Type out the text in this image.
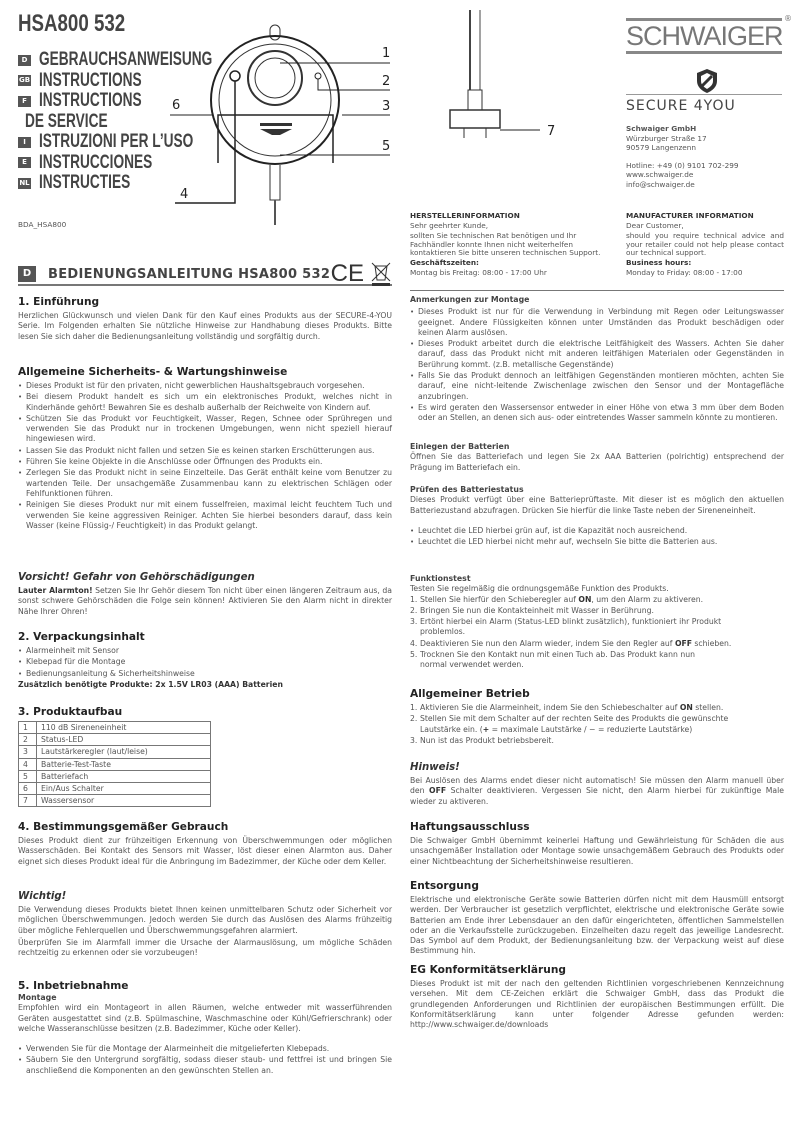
HSA800 532
D GEBRAUCHSANWEISUNG
GB INSTRUCTIONS
F INSTRUCTIONS
DE SERVICE
I ISTRUZIONI PER L’USO
E INSTRUCCIONES
NL INSTRUCTIES
BDA_HSA800
1
2
3
4
5
6
7
SCHWAIGER
®
SECURE 4YOU
Schwaiger GmbH
Würzburger Straße 17
90579 Langenzenn
Hotline: +49 (0) 9101 702-299
www.schwaiger.de
info@schwaiger.de
HERSTELLERINFORMATION
Sehr geehrter Kunde,
sollten Sie technischen Rat benötigen und Ihr Fachhändler konnte Ihnen nicht weiterhelfen kontaktieren Sie bitte unseren technischen Support.
Geschäftszeiten:
Montag bis Freitag: 08:00 - 17:00 Uhr
MANUFACTURER INFORMATION
Dear Customer,
should you require technical advice and your retailer could not help please contact our technical support.
Business hours:
Monday to Friday: 08:00 - 17:00
D	BEDIENUNGSANLEITUNG HSA800 532 CE
1. Einführung
Herzlichen Glückwunsch und vielen Dank für den Kauf eines Produkts aus der SECURE-4-YOU Serie. Im Folgenden erhalten Sie nützliche Hinweise zur Handhabung dieses Produkts. Bitte lesen Sie sich daher die Bedienungsanleitung vollständig und sorgfältig durch.
Allgemeine Sicherheits- & Wartungshinweise
• Dieses Produkt ist für den privaten, nicht gewerblichen Haushaltsgebrauch vorgesehen.
• Bei diesem Produkt handelt es sich um ein elektronisches Produkt, welches nicht in Kinderhände gehört! Bewahren Sie es deshalb außerhalb der Reichweite von Kindern auf.
• Schützen Sie das Produkt vor Feuchtigkeit, Wasser, Regen, Schnee oder Sprühregen und verwenden Sie das Produkt nur in trockenen Umgebungen, wenn nicht speziell hierauf hingewiesen wird.
• Lassen Sie das Produkt nicht fallen und setzen Sie es keinen starken Erschütterungen aus.
• Führen Sie keine Objekte in die Anschlüsse oder Öffnungen des Produkts ein.
• Zerlegen Sie das Produkt nicht in seine Einzelteile. Das Gerät enthält keine vom Benutzer zu wartenden Teile. Der unsachgemäße Zusammenbau kann zu elektrischen Schlägen oder Fehlfunktionen führen.
• Reinigen Sie dieses Produkt nur mit einem fusselfreien, maximal leicht feuchtem Tuch und verwenden Sie keine aggressiven Reiniger. Achten Sie hierbei besonders darauf, dass kein Wasser (keine Flüssig-/ Feuchtigkeit) in das Produkt gelangt.
Vorsicht! Gefahr von Gehörschädigungen
Lauter Alarmton! Setzen Sie Ihr Gehör diesem Ton nicht über einen längeren Zeitraum aus, da sonst schwere Gehörschäden die Folge sein können! Aktivieren Sie den Alarm nicht in direkter Nähe Ihrer Ohren!
2. Verpackungsinhalt
• Alarmeinheit mit Sensor
• Klebepad für die Montage
• Bedienungsanleitung & Sicherheitshinweise
Zusätzlich benötigte Produkte: 2x 1.5V LR03 (AAA) Batterien
3. Produktaufbau
1	110 dB Sireneneinheit
2	Status-LED
3	Lautstärkeregler (laut/leise)
4	Batterie-Test-Taste
5	Batteriefach
6	Ein/Aus Schalter
7	Wassersensor
4. Bestimmungsgemäßer Gebrauch
Dieses Produkt dient zur frühzeitigen Erkennung von Überschwemmungen oder möglichen Wasserschäden. Bei Kontakt des Sensors mit Wasser, löst dieser einen Alarmton aus. Daher eignet sich dieses Produkt ideal für die Anbringung im Badezimmer, der Küche oder dem Keller.
Wichtig!
Die Verwendung dieses Produkts bietet Ihnen keinen unmittelbaren Schutz oder Sicherheit vor möglichen Überschwemmungen. Jedoch werden Sie durch das Auslösen des Alarms frühzeitig über mögliche Fehlerquellen und Überschwemmungsgefahren alarmiert.
Überprüfen Sie im Alarmfall immer die Ursache der Alarmauslösung, um mögliche Schäden rechtzeitig zu erkennen oder sie vorzubeugen!
5. Inbetriebnahme
Montage
Empfohlen wird ein Montageort in allen Räumen, welche entweder mit wasserführenden Geräten ausgestattet sind (z.B. Spülmaschine, Waschmaschine oder Kühl/Gefrierschrank) oder welche Wasseranschlüsse besitzen (z.B. Badezimmer, Küche oder Keller).
• Verwenden Sie für die Montage der Alarmeinheit die mitgelieferten Klebepads.
• Säubern Sie den Untergrund sorgfältig, sodass dieser staub- und fettfrei ist und bringen Sie anschließend die Komponenten an den gewünschten Stellen an.
Anmerkungen zur Montage
• Dieses Produkt ist nur für die Verwendung in Verbindung mit Regen oder Leitungswasser geeignet. Andere Flüssigkeiten können unter Umständen das Produkt beschädigen oder keinen Alarm auslösen.
• Dieses Produkt arbeitet durch die elektrische Leitfähigkeit des Wassers. Achten Sie daher darauf, dass das Produkt nicht mit anderen leitfähigen Materialen oder Gegenständen in Berührung kommt. (z.B. metallische Gegenstände)
• Falls Sie das Produkt dennoch an leitfähigen Gegenständen montieren möchten, achten Sie darauf, eine nicht-leitende Zwischenlage zwischen den Sensor und der Montagefläche anzubringen.
• Es wird geraten den Wassersensor entweder in einer Höhe von etwa 3 mm über dem Boden oder an Stellen, an denen sich aus- oder eintretendes Wasser sammeln könnte zu montieren.
Einlegen der Batterien
Öffnen Sie das Batteriefach und legen Sie 2x AAA Batterien (polrichtig) entsprechend der Prägung im Batteriefach ein.
Prüfen des Batteriestatus
Dieses Produkt verfügt über eine Batterieprüftaste. Mit dieser ist es möglich den aktuellen Batteriezustand abzufragen. Drücken Sie hierfür die linke Taste neben der Sireneneinheit.
• Leuchtet die LED hierbei grün auf, ist die Kapazität noch ausreichend.
• Leuchtet die LED hierbei nicht mehr auf, wechseln Sie bitte die Batterien aus.
Funktionstest
Testen Sie regelmäßig die ordnungsgemäße Funktion des Produkts.
1. Stellen Sie hierfür den Schieberegler auf ON, um den Alarm zu aktiveren.
2. Bringen Sie nun die Kontakteinheit mit Wasser in Berührung.
3. Ertönt hierbei ein Alarm (Status-LED blinkt zusätzlich), funktioniert ihr Produkt problemlos.
4. Deaktivieren Sie nun den Alarm wieder, indem Sie den Regler auf OFF schieben.
5. Trocknen Sie den Kontakt nun mit einen Tuch ab. Das Produkt kann nun normal verwendet werden.
Allgemeiner Betrieb
1. Aktivieren Sie die Alarmeinheit, indem Sie den Schiebeschalter auf ON stellen.
2. Stellen Sie mit dem Schalter auf der rechten Seite des Produkts die gewünschte Lautstärke ein. (+ = maximale Lautstärke / − = reduzierte Lautstärke)
3. Nun ist das Produkt betriebsbereit.
Hinweis!
Bei Auslösen des Alarms endet dieser nicht automatisch! Sie müssen den Alarm manuell über den OFF Schalter deaktivieren. Vergessen Sie nicht, den Alarm hierbei für zukünftige Male wieder zu aktiveren.
Haftungsausschluss
Die Schwaiger GmbH übernimmt keinerlei Haftung und Gewährleistung für Schäden die aus unsachgemäßer Installation oder Montage sowie unsachgemäßem Gebrauch des Produkts oder einer Nichtbeachtung der Sicherheitshinweise resultieren.
Entsorgung
Elektrische und elektronische Geräte sowie Batterien dürfen nicht mit dem Hausmüll entsorgt werden. Der Verbraucher ist gesetzlich verpflichtet, elektrische und elektronische Geräte sowie Batterien am Ende ihrer Lebensdauer an den dafür eingerichteten, öffentlichen Sammelstellen oder an die Verkaufsstelle zurückzugeben. Einzelheiten dazu regelt das jeweilige Landesrecht. Das Symbol auf dem Produkt, der Bedienungsanleitung bzw. der Verpackung weist auf diese Bestimmung hin.
EG Konformitätserklärung
Dieses Produkt ist mit der nach den geltenden Richtlinien vorgeschriebenen Kennzeichnung versehen. Mit dem CE-Zeichen erklärt die Schwaiger GmbH, dass das Produkt die grundlegenden Anforderungen und Richtlinien der europäischen Bestimmungen erfüllt. Die Konformitätserklärung kann unter folgender Adresse gefunden werden: http://www.schwaiger.de/downloads
